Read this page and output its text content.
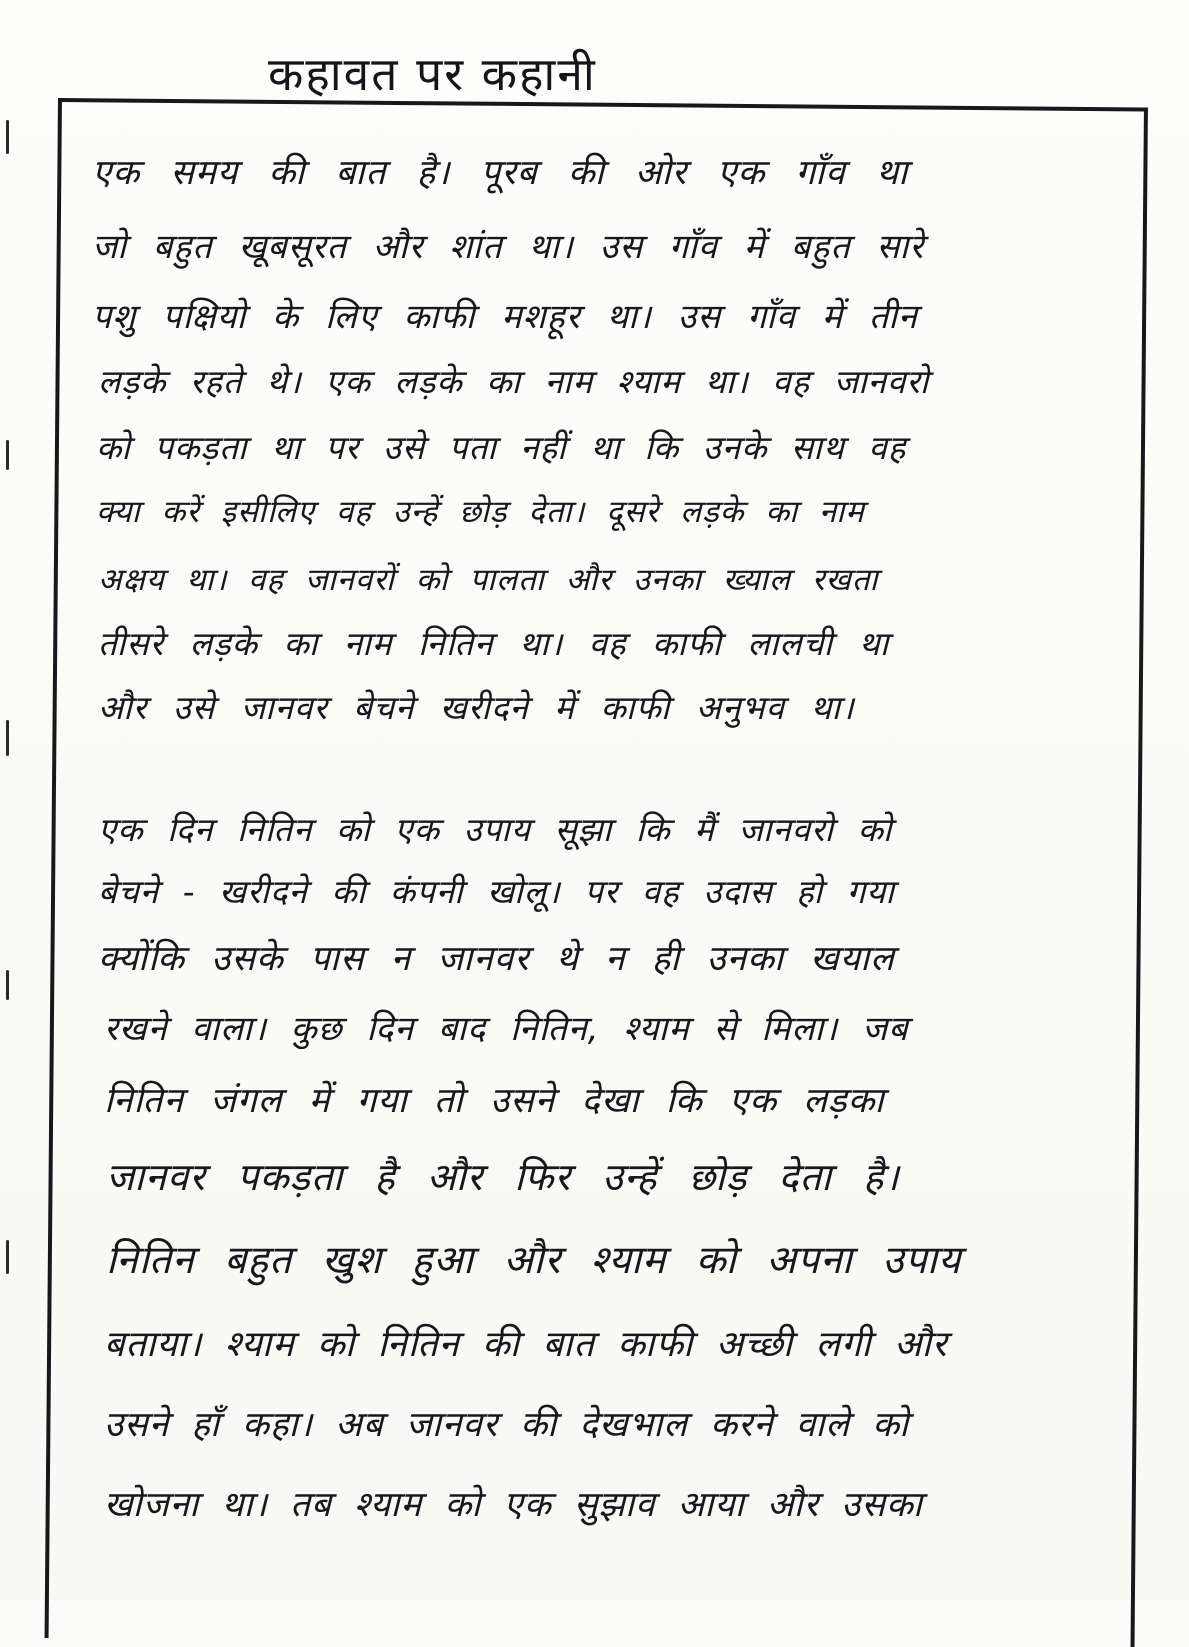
कहावत पर कहानी
एक समय की बात है। पूरब की ओर एक गाँव था
जो बहुत खूबसूरत और शांत था। उस गाँव में बहुत सारे
पशु पक्षियो के लिए काफी मशहूर था। उस गाँव में तीन
लड़के रहते थे। एक लड़के का नाम श्याम था। वह जानवरो
को पकड़ता था पर उसे पता नहीं था कि उनके साथ वह
क्या करें इसीलिए वह उन्हें छोड़ देता। दूसरे लड़के का नाम
अक्षय था। वह जानवरों को पालता और उनका ख्याल रखता
तीसरे लड़के का नाम नितिन था। वह काफी लालची था
और उसे जानवर बेचने खरीदने में काफी अनुभव था।
एक दिन नितिन को एक उपाय सूझा कि मैं जानवरो को
बेचने - खरीदने की कंपनी खोलू। पर वह उदास हो गया
क्योंकि उसके पास न जानवर थे न ही उनका खयाल
रखने वाला। कुछ दिन बाद नितिन, श्याम से मिला। जब
नितिन जंगल में गया तो उसने देखा कि एक लड़का
जानवर पकड़ता है और फिर उन्हें छोड़ देता है।
नितिन बहुत खुश हुआ और श्याम को अपना उपाय
बताया। श्याम को नितिन की बात काफी अच्छी लगी और
उसने हाँ कहा। अब जानवर की देखभाल करने वाले को
खोजना था। तब श्याम को एक सुझाव आया और उसका
